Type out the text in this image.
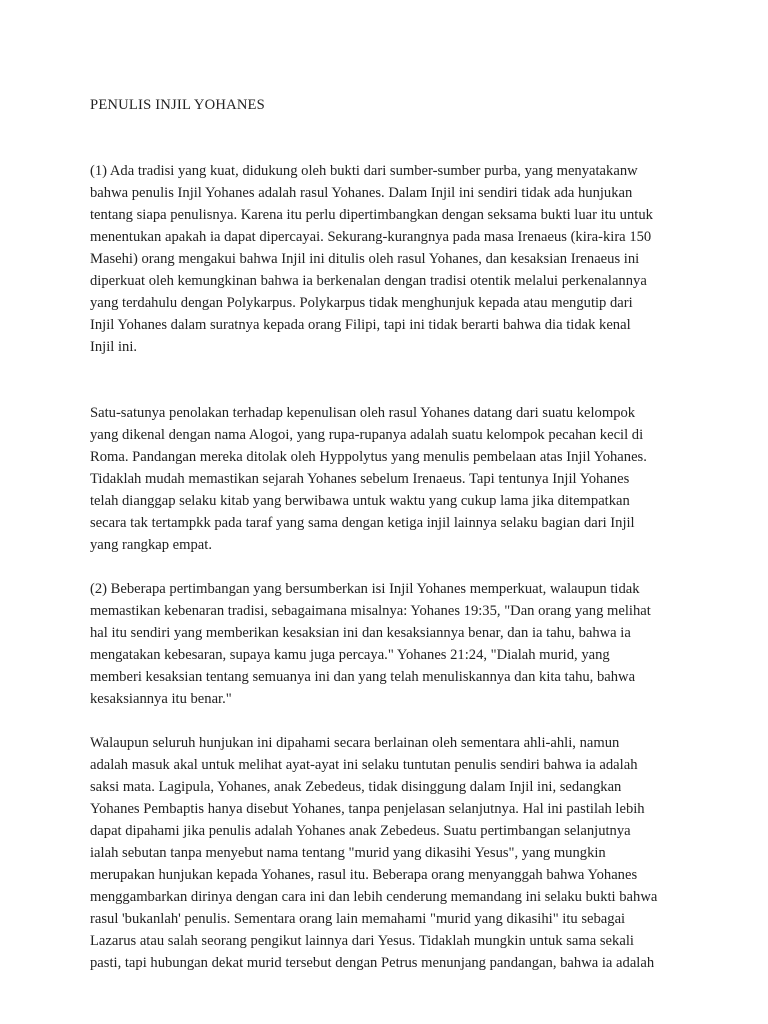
PENULIS INJIL YOHANES
(1) Ada tradisi yang kuat, didukung oleh bukti dari sumber-sumber purba, yang menyatakanw
bahwa penulis Injil Yohanes adalah rasul Yohanes. Dalam Injil ini sendiri tidak ada hunjukan
tentang siapa penulisnya. Karena itu perlu dipertimbangkan dengan seksama bukti luar itu untuk
menentukan apakah ia dapat dipercayai. Sekurang-kurangnya pada masa Irenaeus (kira-kira 150
Masehi) orang mengakui bahwa Injil ini ditulis oleh rasul Yohanes, dan kesaksian Irenaeus ini
diperkuat oleh kemungkinan bahwa ia berkenalan dengan tradisi otentik melalui perkenalannya
yang terdahulu dengan Polykarpus. Polykarpus tidak menghunjuk kepada atau mengutip dari
Injil Yohanes dalam suratnya kepada orang Filipi, tapi ini tidak berarti bahwa dia tidak kenal
Injil ini.
Satu-satunya penolakan terhadap kepenulisan oleh rasul Yohanes datang dari suatu kelompok
yang dikenal dengan nama Alogoi, yang rupa-rupanya adalah suatu kelompok pecahan kecil di
Roma. Pandangan mereka ditolak oleh Hyppolytus yang menulis pembelaan atas Injil Yohanes.
Tidaklah mudah memastikan sejarah Yohanes sebelum Irenaeus. Tapi tentunya Injil Yohanes
telah dianggap selaku kitab yang berwibawa untuk waktu yang cukup lama jika ditempatkan
secara tak tertampkk pada taraf yang sama dengan ketiga injil lainnya selaku bagian dari Injil
yang rangkap empat.
(2) Beberapa pertimbangan yang bersumberkan isi Injil Yohanes memperkuat, walaupun tidak
memastikan kebenaran tradisi, sebagaimana misalnya: Yohanes 19:35, "Dan orang yang melihat
hal itu sendiri yang memberikan kesaksian ini dan kesaksiannya benar, dan ia tahu, bahwa ia
mengatakan kebesaran, supaya kamu juga percaya." Yohanes 21:24, "Dialah murid, yang
memberi kesaksian tentang semuanya ini dan yang telah menuliskannya dan kita tahu, bahwa
kesaksiannya itu benar."
Walaupun seluruh hunjukan ini dipahami secara berlainan oleh sementara ahli-ahli, namun
adalah masuk akal untuk melihat ayat-ayat ini selaku tuntutan penulis sendiri bahwa ia adalah
saksi mata. Lagipula, Yohanes, anak Zebedeus, tidak disinggung dalam Injil ini, sedangkan
Yohanes Pembaptis hanya disebut Yohanes, tanpa penjelasan selanjutnya. Hal ini pastilah lebih
dapat dipahami jika penulis adalah Yohanes anak Zebedeus. Suatu pertimbangan selanjutnya
ialah sebutan tanpa menyebut nama tentang "murid yang dikasihi Yesus", yang mungkin
merupakan hunjukan kepada Yohanes, rasul itu. Beberapa orang menyanggah bahwa Yohanes
menggambarkan dirinya dengan cara ini dan lebih cenderung memandang ini selaku bukti bahwa
rasul 'bukanlah' penulis. Sementara orang lain memahami "murid yang dikasihi" itu sebagai
Lazarus atau salah seorang pengikut lainnya dari Yesus. Tidaklah mungkin untuk sama sekali
pasti, tapi hubungan dekat murid tersebut dengan Petrus menunjang pandangan, bahwa ia adalah
